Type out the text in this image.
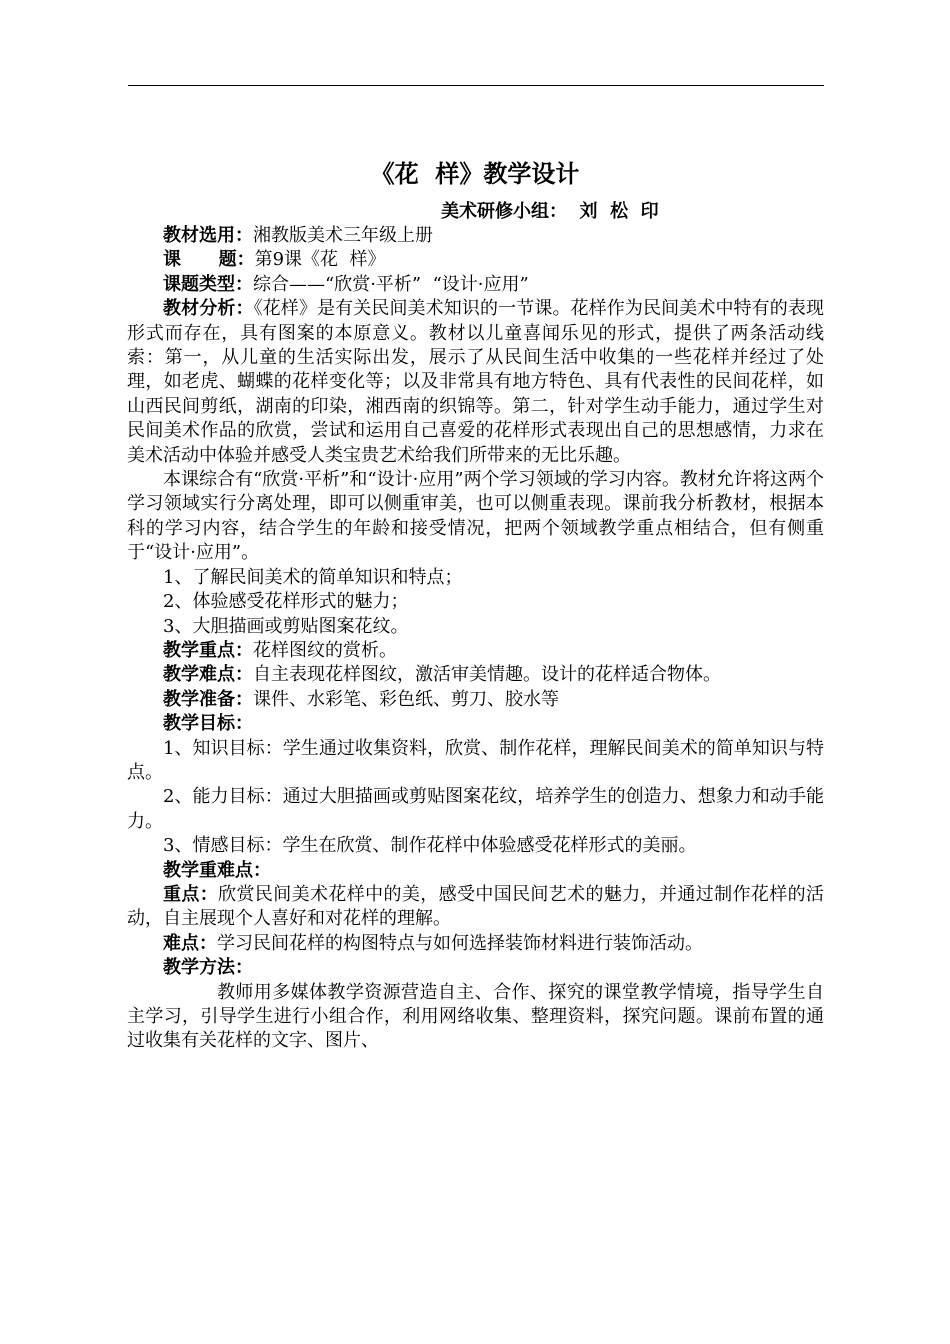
《花  样》教学设计
美术研修小组：  刘  松  印

教材选用：湘教版美术三年级上册

课      题：第9课《花  样》

课题类型：综合——“欣赏·平析”  “设计·应用”

教材分析：《花样》是有关民间美术知识的一节课。花样作为民间美术中特有的表现形式而存在，具有图案的本原意义。教材以儿童喜闻乐见的形式，提供了两条活动线索：第一，从儿童的生活实际出发，展示了从民间生活中收集的一些花样并经过了处理，如老虎、蝴蝶的花样变化等；以及非常具有地方特色、具有代表性的民间花样，如山西民间剪纸，湖南的印染，湘西南的织锦等。第二，针对学生动手能力，通过学生对民间美术作品的欣赏，尝试和运用自己喜爱的花样形式表现出自己的思想感情，力求在美术活动中体验并感受人类宝贵艺术给我们所带来的无比乐趣。

本课综合有“欣赏·平析”和“设计·应用”两个学习领域的学习内容。教材允许将这两个学习领域实行分离处理，即可以侧重审美，也可以侧重表现。课前我分析教材，根据本科的学习内容，结合学生的年龄和接受情况，把两个领域教学重点相结合，但有侧重于“设计·应用”。

1、了解民间美术的简单知识和特点；

2、体验感受花样形式的魅力；

3、大胆描画或剪贴图案花纹。

教学重点：花样图纹的赏析。

教学难点：自主表现花样图纹，激活审美情趣。设计的花样适合物体。

教学准备：课件、水彩笔、彩色纸、剪刀、胶水等

教学目标：

1、知识目标：学生通过收集资料，欣赏、制作花样，理解民间美术的简单知识与特点。

2、能力目标：通过大胆描画或剪贴图案花纹，培养学生的创造力、想象力和动手能力。

3、情感目标：学生在欣赏、制作花样中体验感受花样形式的美丽。

教学重难点：

重点：欣赏民间美术花样中的美，感受中国民间艺术的魅力，并通过制作花样的活动，自主展现个人喜好和对花样的理解。

难点：学习民间花样的构图特点与如何选择装饰材料进行装饰活动。

教学方法：

教师用多媒体教学资源营造自主、合作、探究的课堂教学情境，指导学生自主学习，引导学生进行小组合作，利用网络收集、整理资料，探究问题。课前布置的通过收集有关花样的文字、图片、
